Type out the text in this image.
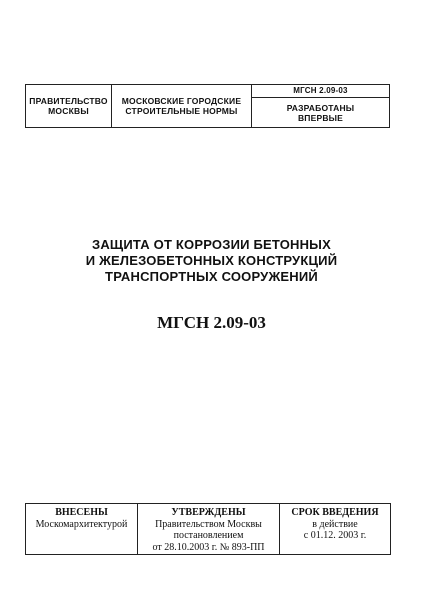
ПРАВИТЕЛЬСТВО
МОСКВЫ
МОСКОВСКИЕ ГОРОДСКИЕ
СТРОИТЕЛЬНЫЕ НОРМЫ
МГСН 2.09-03
РАЗРАБОТАНЫ
ВПЕРВЫЕ
ЗАЩИТА ОТ КОРРОЗИИ БЕТОННЫХ
И ЖЕЛЕЗОБЕТОННЫХ КОНСТРУКЦИЙ
ТРАНСПОРТНЫХ СООРУЖЕНИЙ
МГСН 2.09-03
ВНЕСЕНЫ
Москомархитектурой
УТВЕРЖДЕНЫ
Правительством Москвы
постановлением
от 28.10.2003 г. № 893-ПП
СРОК ВВЕДЕНИЯ
в действие
с 01.12. 2003 г.
